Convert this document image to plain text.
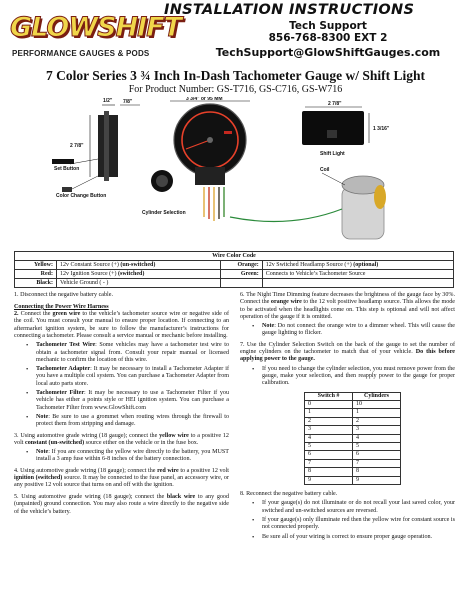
GLOWSHIFT
PERFORMANCE GAUGES & PODS
INSTALLATION INSTRUCTIONS
Tech Support
856-768-8300 EXT 2
TechSupport@GlowShiftGauges.com
7 Color Series 3 ¾ Inch In-Dash Tachometer Gauge w/ Shift Light
For Product Number: GS-T716, GS-C716, GS-W716
1/2" 7/8"
2 7/8"
Set Button
Color Change Button
3 3/4" or 95 MM
Cylinder Selection
2 7/8"
1 3/16"
Shift Light
Coil
Wire Color Code			
Yellow:	12v Constant Source (+) (un-switched)	Orange:	12v Switched Headlamp Source (+) (optional)
Red:	12v Ignition Source (+) (switched)	Green:	Connects to Vehicle’s Tachometer Source
Black:	Vehicle Ground ( - )		

1. Disconnect the negative battery cable.

Connecting the Power Wire Harness
2. Connect the green wire to the vehicle’s tachometer source wire or negative side of the coil. You must consult your manual to ensure proper location. If connecting to an aftermarket ignition system, be sure to follow the manufacturer’s instructions for connecting a tachometer. Please consult a service manual or mechanic before installing.

• Tachometer Test Wire: Some vehicles may have a tachometer test wire to obtain a tachometer signal from. Consult your repair manual or licensed mechanic to confirm the location of this wire.
• Tachometer Adapter: It may be necessary to install a Tachometer Adapter if you have a multiple coil system. You can purchase a Tachometer Adapter from local auto parts store.
• Tachometer Filter: It may be necessary to use a Tachometer Filter if you vehicle has either a points style or HEI ignition system. You can purchase a Tachometer Filter from www.GlowShift.com
• Note: Be sure to use a grommet when routing wires through the firewall to protect them from stripping and damage.

3. Using automotive grade wiring (18 gauge); connect the yellow wire to a positive 12 volt constant (un-switched) source either on the vehicle or in the fuse box.

• Note: If you are connecting the yellow wire directly to the battery, you MUST install a 3 amp fuse within 6-8 inches of the battery connection.

4. Using automotive grade wiring (18 gauge); connect the red wire to a positive 12 volt ignition (switched) source. It may be connected to the fuse panel, an accessory wire, or any positive 12 volt source that turns on and off with the ignition.

5. Using automotive grade wiring (18 gauge); connect the black wire to any good (unpainted) ground connection. You may also route a wire directly to the negative side of the vehicle’s battery.

6. The Night Time Dimming feature decreases the brightness of the gauge face by 30%. Connect the orange wire to the 12 volt positive headlamp source. This allows the mode to be activated when the headlights come on. This step is optional and will not affect operation of the gauge if it is omitted.

• Note: Do not connect the orange wire to a dimmer wheel. This will cause the gauge lighting to flicker.

7. Use the Cylinder Selection Switch on the back of the gauge to set the number of engine cylinders on the tachometer to match that of your vehicle. Do this before applying power to the gauge.

• If you need to change the cylinder selection, you must remove power from the gauge, make your selection, and then reapply power to the gauge for proper calibration.
Switch #	Cylinders
0	10
1	1
2	2
3	3
4	4
5	5
6	6
7	7
8	8
9	9

8. Reconnect the negative battery cable.

• If your gauge(s) do not illuminate or do not recall your last saved color, your switched and un-switched sources are reversed.
• If your gauge(s) only illuminate red then the yellow wire for constant source is not connected properly.
• Be sure all of your wiring is correct to ensure proper gauge operation.
